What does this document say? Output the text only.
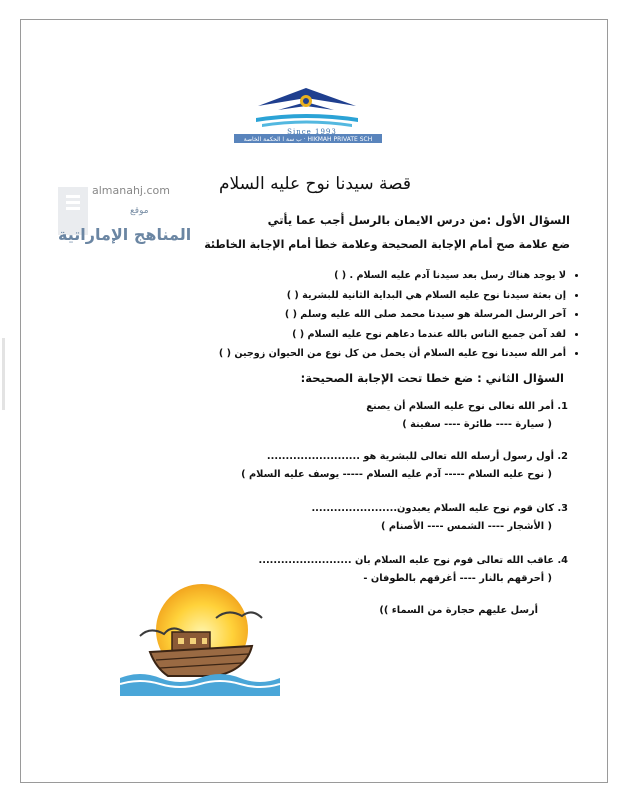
ب سة ا الحكمة الخاصة · HIKMAH PRIVATE SCH
Since 1993
قصة سيدنا نوح عليه السلام
almanahj.com
موقع
المناهج الإماراتية
السؤال الأول :من درس الايمان بالرسل أجب عما يأتي
ضع علامة صح أمام الإجابة الصحيحة وعلامة خطأ أمام الإجابة الخاطئة
• لا يوجد هناك رسل بعد سيدنا آدم عليه السلام . ( )
• إن بعثة سيدنا نوح عليه السلام هي البداية الثانية للبشرية ( )
• آخر الرسل المرسلة هو سيدنا محمد صلى الله عليه وسلم ( )
• لقد آمن جميع الناس بالله عندما دعاهم نوح عليه السلام ( )
• أمر الله سيدنا نوح عليه السلام أن يحمل من كل نوع من الحيوان زوجين ( )
السؤال الثاني : ضع خطا تحت الإجابة الصحيحة:
1. أمر الله تعالى نوح عليه السلام أن يصنع
( سيارة ---- طائرة ---- سفينة )
2. أول رسول أرسله الله تعالى للبشرية هو .........................
( نوح عليه السلام ----- آدم عليه السلام ----- يوسف عليه السلام )
3. كان قوم نوح عليه السلام يعبدون.......................
( الأشجار ---- الشمس ---- الأصنام )
4. عاقب الله تعالى قوم نوح عليه السلام بان .........................
( أحرقهم بالنار ---- أغرقهم بالطوفان -
أرسل عليهم حجارة من السماء ))
